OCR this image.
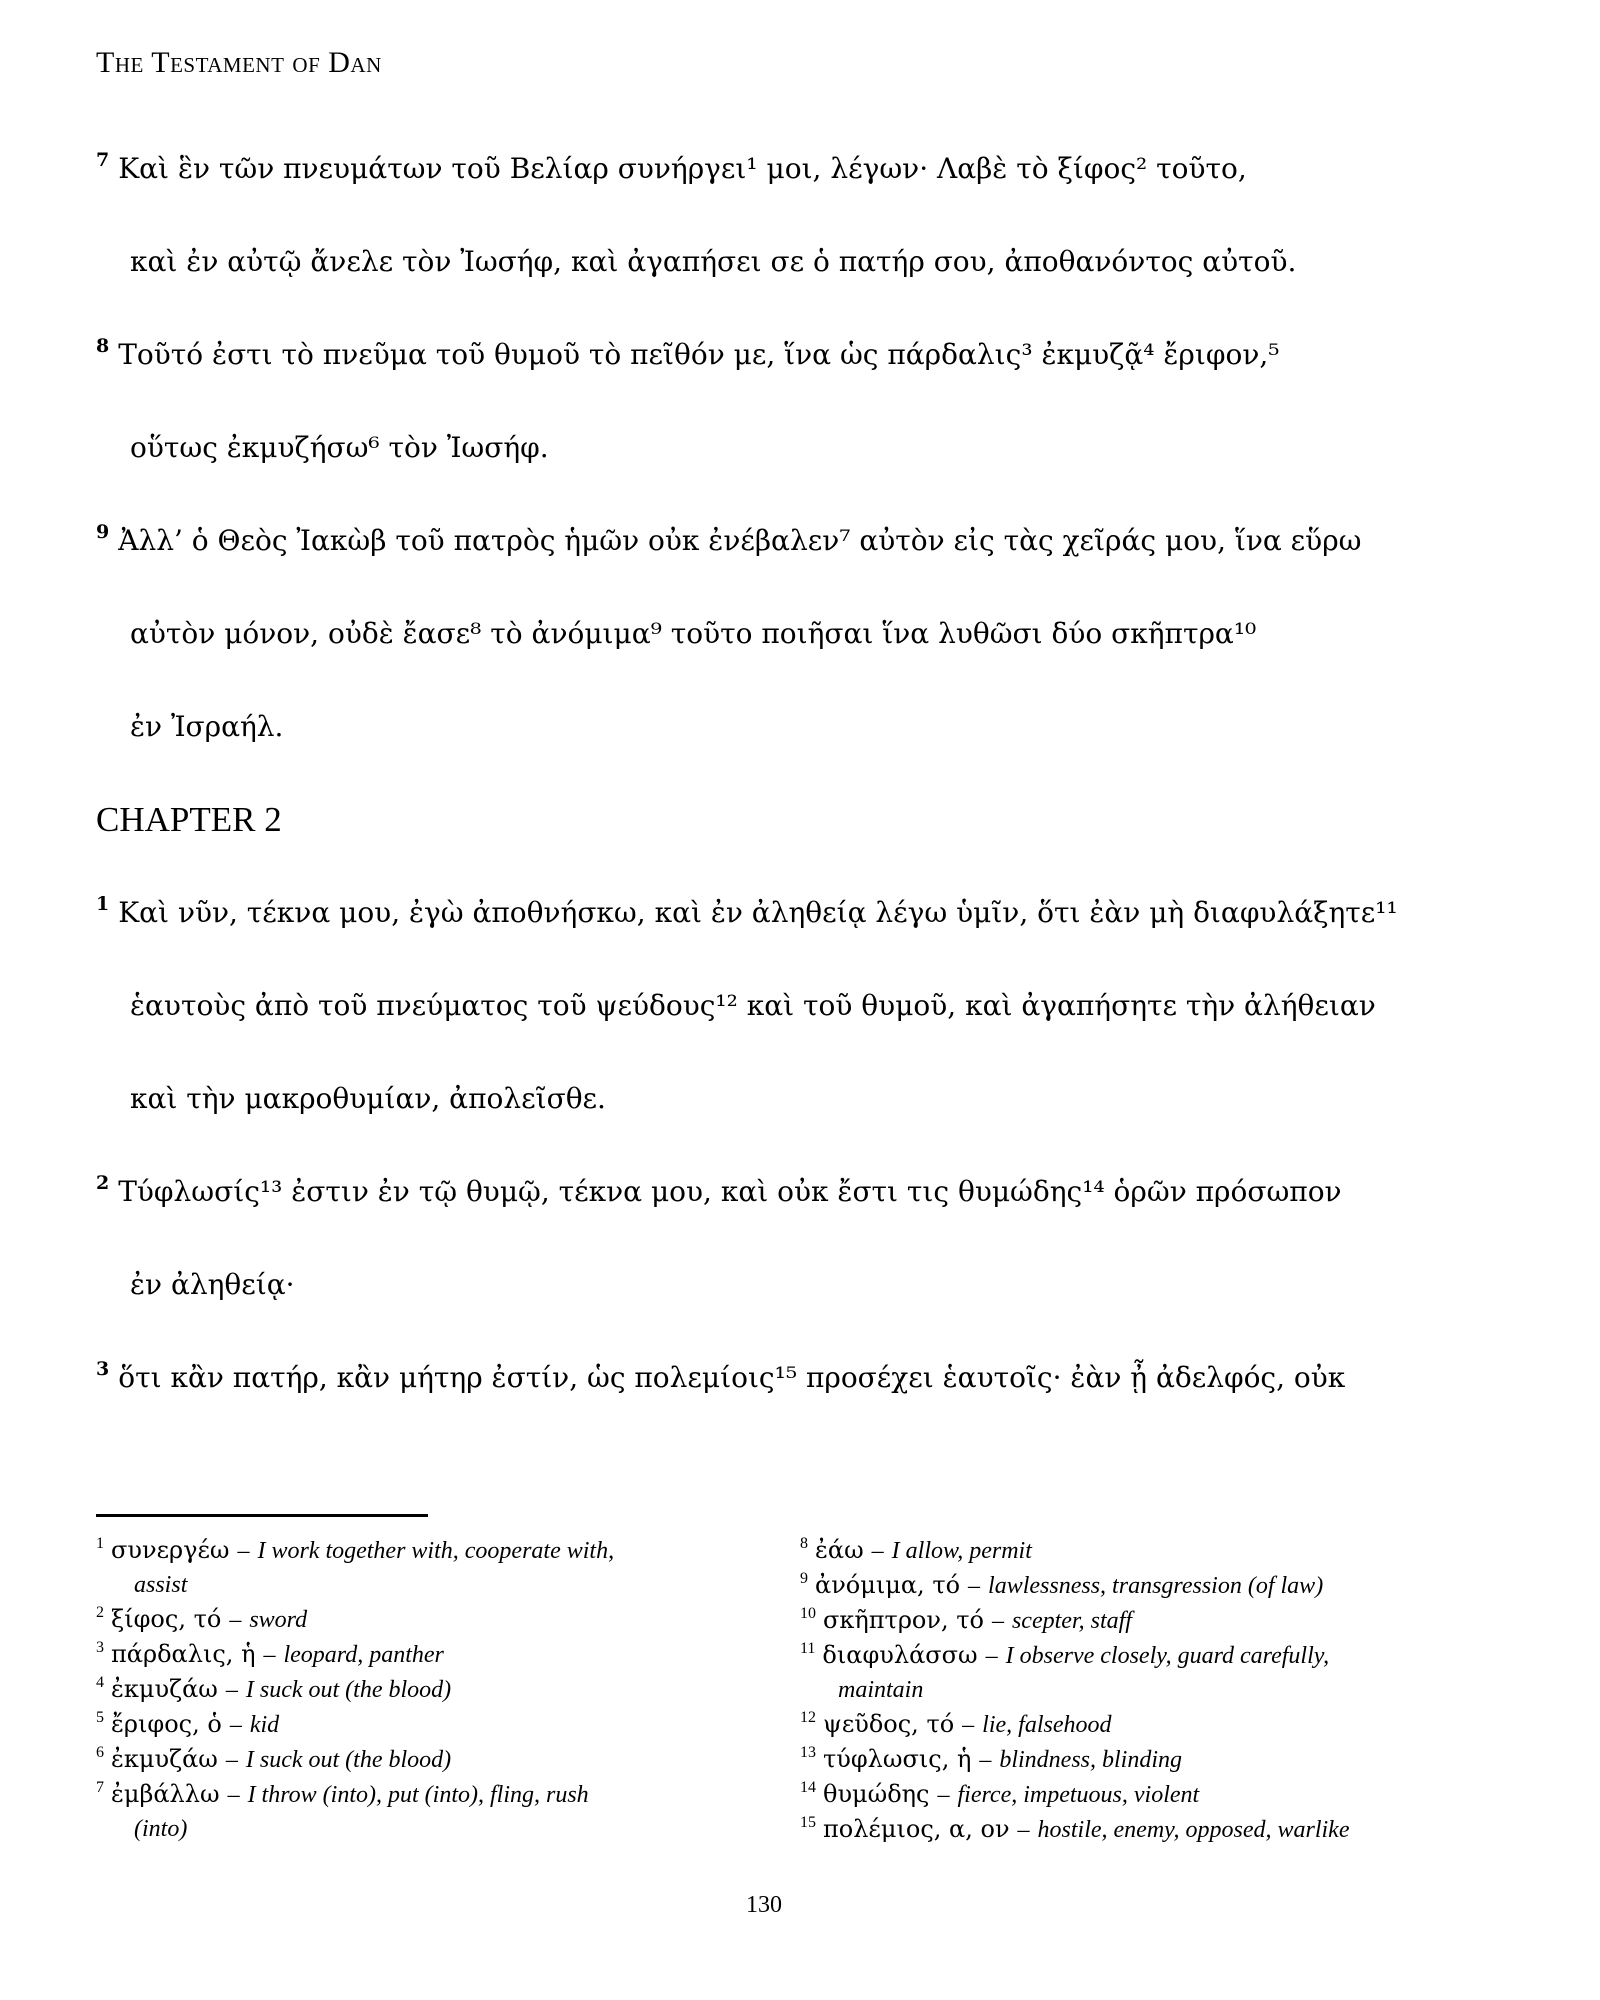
The Testament of Dan
$^7$ Καὶ ἓν τῶν πνευμάτων τοῦ Βελίαρ συνήργει¹ μοι, λέγων· Λαβὲ τὸ ξίφος² τοῦτο,
καὶ ἐν αὐτῷ ἄνελε τὸν Ἰωσήφ, καὶ ἀγαπήσει σε ὁ πατήρ σου, ἀποθανόντος αὐτοῦ.
$^8$ Τοῦτό ἐστι τὸ πνεῦμα τοῦ θυμοῦ τὸ πεῖθόν με, ἵνα ὡς πάρδαλις³ ἐκμυζᾷ⁴ ἔριφον,⁵
οὕτως ἐκμυζήσω⁶ τὸν Ἰωσήφ.
$^9$ Ἀλλ’ ὁ Θεὸς Ἰακὼβ τοῦ πατρὸς ἡμῶν οὐκ ἐνέβαλεν⁷ αὐτὸν εἰς τὰς χεῖράς μου, ἵνα εὕρω
αὐτὸν μόνον, οὐδὲ ἔασε⁸ τὸ ἀνόμιμα⁹ τοῦτο ποιῆσαι ἵνα λυθῶσι δύο σκῆπτρα¹⁰
ἐν Ἰσραήλ.
CHAPTER 2
$^1$ Καὶ νῦν, τέκνα μου, ἐγὼ ἀποθνήσκω, καὶ ἐν ἀληθείᾳ λέγω ὑμῖν, ὅτι ἐὰν μὴ διαφυλάξητε¹¹
ἑαυτοὺς ἀπὸ τοῦ πνεύματος τοῦ ψεύδους¹² καὶ τοῦ θυμοῦ, καὶ ἀγαπήσητε τὴν ἀλήθειαν
καὶ τὴν μακροθυμίαν, ἀπολεῖσθε.
$^2$ Τύφλωσίς¹³ ἐστιν ἐν τῷ θυμῷ, τέκνα μου, καὶ οὐκ ἔστι τις θυμώδης¹⁴ ὁρῶν πρόσωπον
ἐν ἀληθείᾳ·
$^3$ ὅτι κἂν πατήρ, κἂν μήτηρ ἐστίν, ὡς πολεμίοις¹⁵ προσέχει ἑαυτοῖς· ἐὰν ᾖ ἀδελφός, οὐκ
$^1$ συνεργέω – I work together with, cooperate with,
assist
$^2$ ξίφος, τό – sword
$^3$ πάρδαλις, ἡ – leopard, panther
$^4$ ἐκμυζάω – I suck out (the blood)
$^5$ ἔριφος, ὁ – kid
$^6$ ἐκμυζάω – I suck out (the blood)
$^7$ ἐμβάλλω – I throw (into), put (into), fling, rush
(into)
$^8$ ἐάω – I allow, permit
$^9$ ἀνόμιμα, τό – lawlessness, transgression (of law)
$^{10}$ σκῆπτρον, τό – scepter, staff
$^{11}$ διαφυλάσσω – I observe closely, guard carefully,
maintain
$^{12}$ ψεῦδος, τό – lie, falsehood
$^{13}$ τύφλωσις, ἡ – blindness, blinding
$^{14}$ θυμώδης – fierce, impetuous, violent
$^{15}$ πολέμιος, α, ον – hostile, enemy, opposed, warlike
130
